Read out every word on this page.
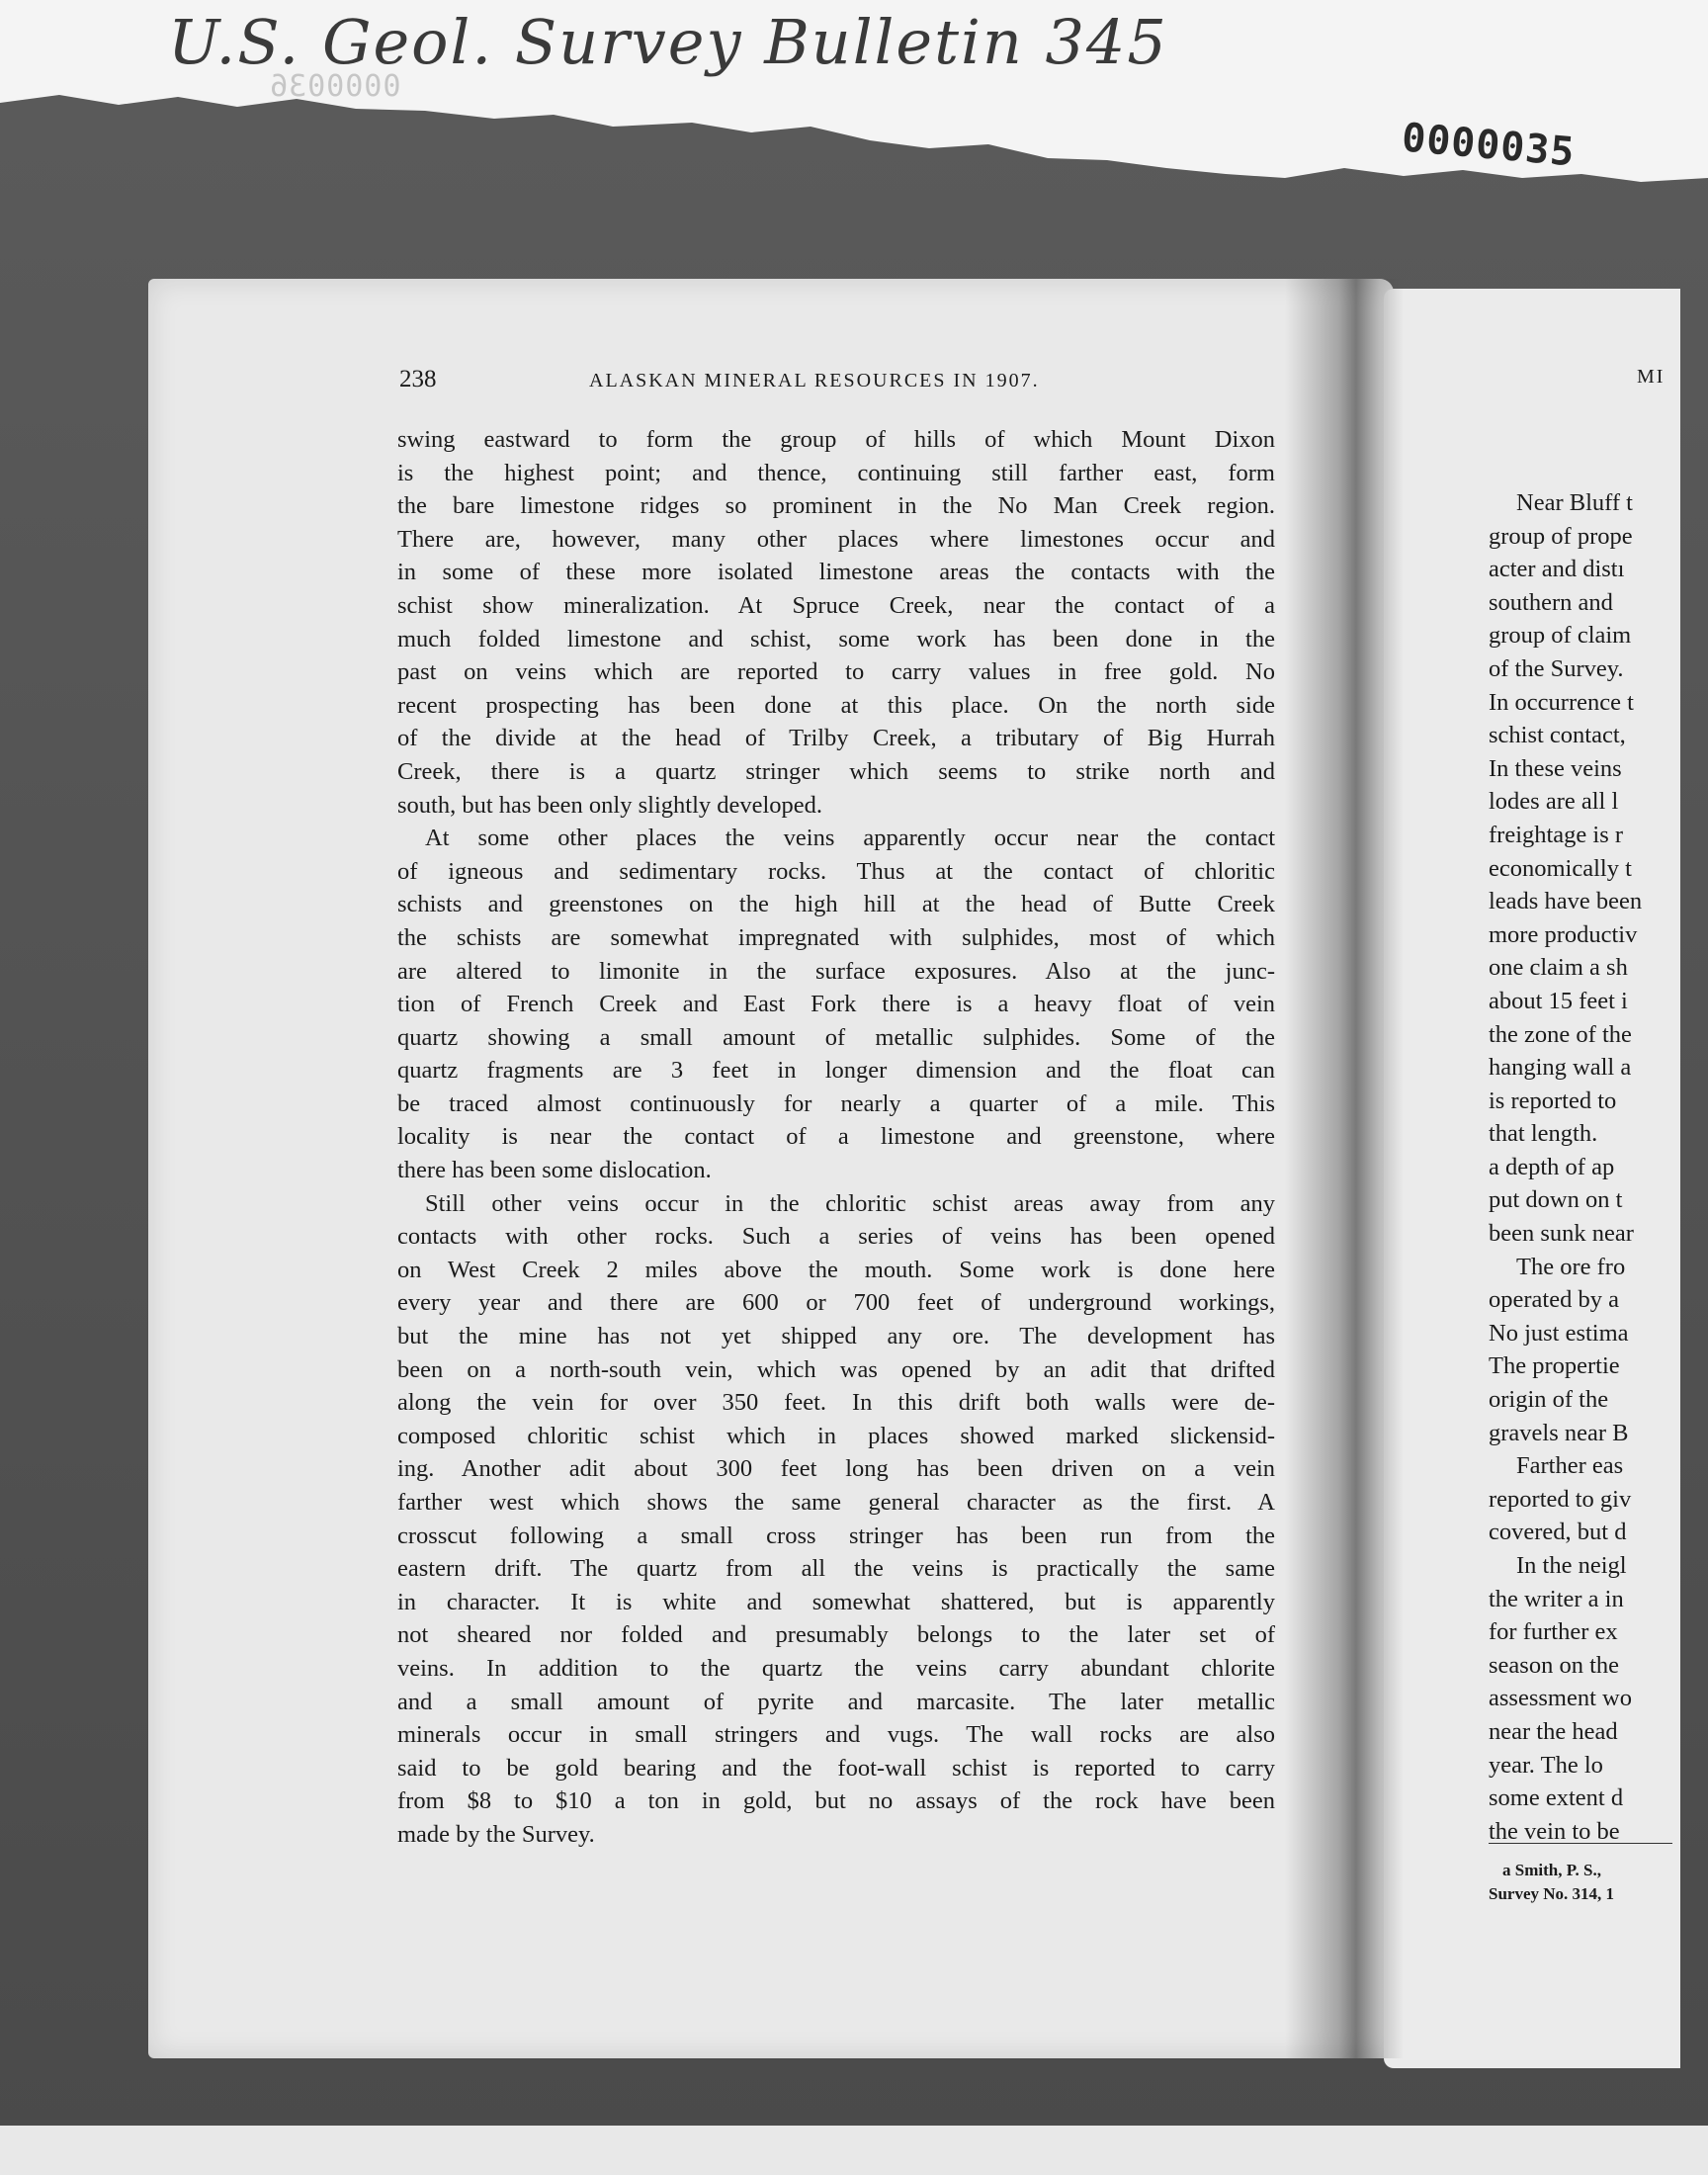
U.S. Geol. Survey Bulletin 345
0000036
0000035
238	ALASKAN MINERAL RESOURCES IN 1907.

swing eastward to form the group of hills of which Mount Dixon
is the highest point; and thence, continuing still farther east, form
the bare limestone ridges so prominent in the No Man Creek region.
There are, however, many other places where limestones occur and
in some of these more isolated limestone areas the contacts with the
schist show mineralization. At Spruce Creek, near the contact of a
much folded limestone and schist, some work has been done in the
past on veins which are reported to carry values in free gold. No
recent prospecting has been done at this place. On the north side
of the divide at the head of Trilby Creek, a tributary of Big Hurrah
Creek, there is a quartz stringer which seems to strike north and
south, but has been only slightly developed.

At some other places the veins apparently occur near the contact
of igneous and sedimentary rocks. Thus at the contact of chloritic
schists and greenstones on the high hill at the head of Butte Creek
the schists are somewhat impregnated with sulphides, most of which
are altered to limonite in the surface exposures. Also at the junc-
tion of French Creek and East Fork there is a heavy float of vein
quartz showing a small amount of metallic sulphides. Some of the
quartz fragments are 3 feet in longer dimension and the float can
be traced almost continuously for nearly a quarter of a mile. This
locality is near the contact of a limestone and greenstone, where
there has been some dislocation.

Still other veins occur in the chloritic schist areas away from any
contacts with other rocks. Such a series of veins has been opened
on West Creek 2 miles above the mouth. Some work is done here
every year and there are 600 or 700 feet of underground workings,
but the mine has not yet shipped any ore. The development has
been on a north-south vein, which was opened by an adit that drifted
along the vein for over 350 feet. In this drift both walls were de-
composed chloritic schist which in places showed marked slickensid-
ing. Another adit about 300 feet long has been driven on a vein
farther west which shows the same general character as the first. A
crosscut following a small cross stringer has been run from the
eastern drift. The quartz from all the veins is practically the same
in character. It is white and somewhat shattered, but is apparently
not sheared nor folded and presumably belongs to the later set of
veins. In addition to the quartz the veins carry abundant chlorite
and a small amount of pyrite and marcasite. The later metallic
minerals occur in small stringers and vugs. The wall rocks are also
said to be gold bearing and the foot-wall schist is reported to carry
from $8 to $10 a ton in gold, but no assays of the rock have been
made by the Survey.

MI
Near Bluff t
group of prope
acter and distı
southern and
group of claim
of the Survey.
In occurrence t
schist contact,
In these veins
lodes are all l
freightage is r
economically t
leads have been
more productiv
one claim a sh
about 15 feet i
the zone of the
hanging wall a
is reported to
that length.
a depth of ap
put down on t
been sunk near
The ore fro
operated by a
No just estima
The propertie
origin of the
gravels near B
Farther eas
reported to giv
covered, but d
In the neigl
the writer a in
for further ex
season on the
assessment wo
near the head
year. The lo
some extent d
the vein to be
a Smith, P. S.,
Survey No. 314, 1
